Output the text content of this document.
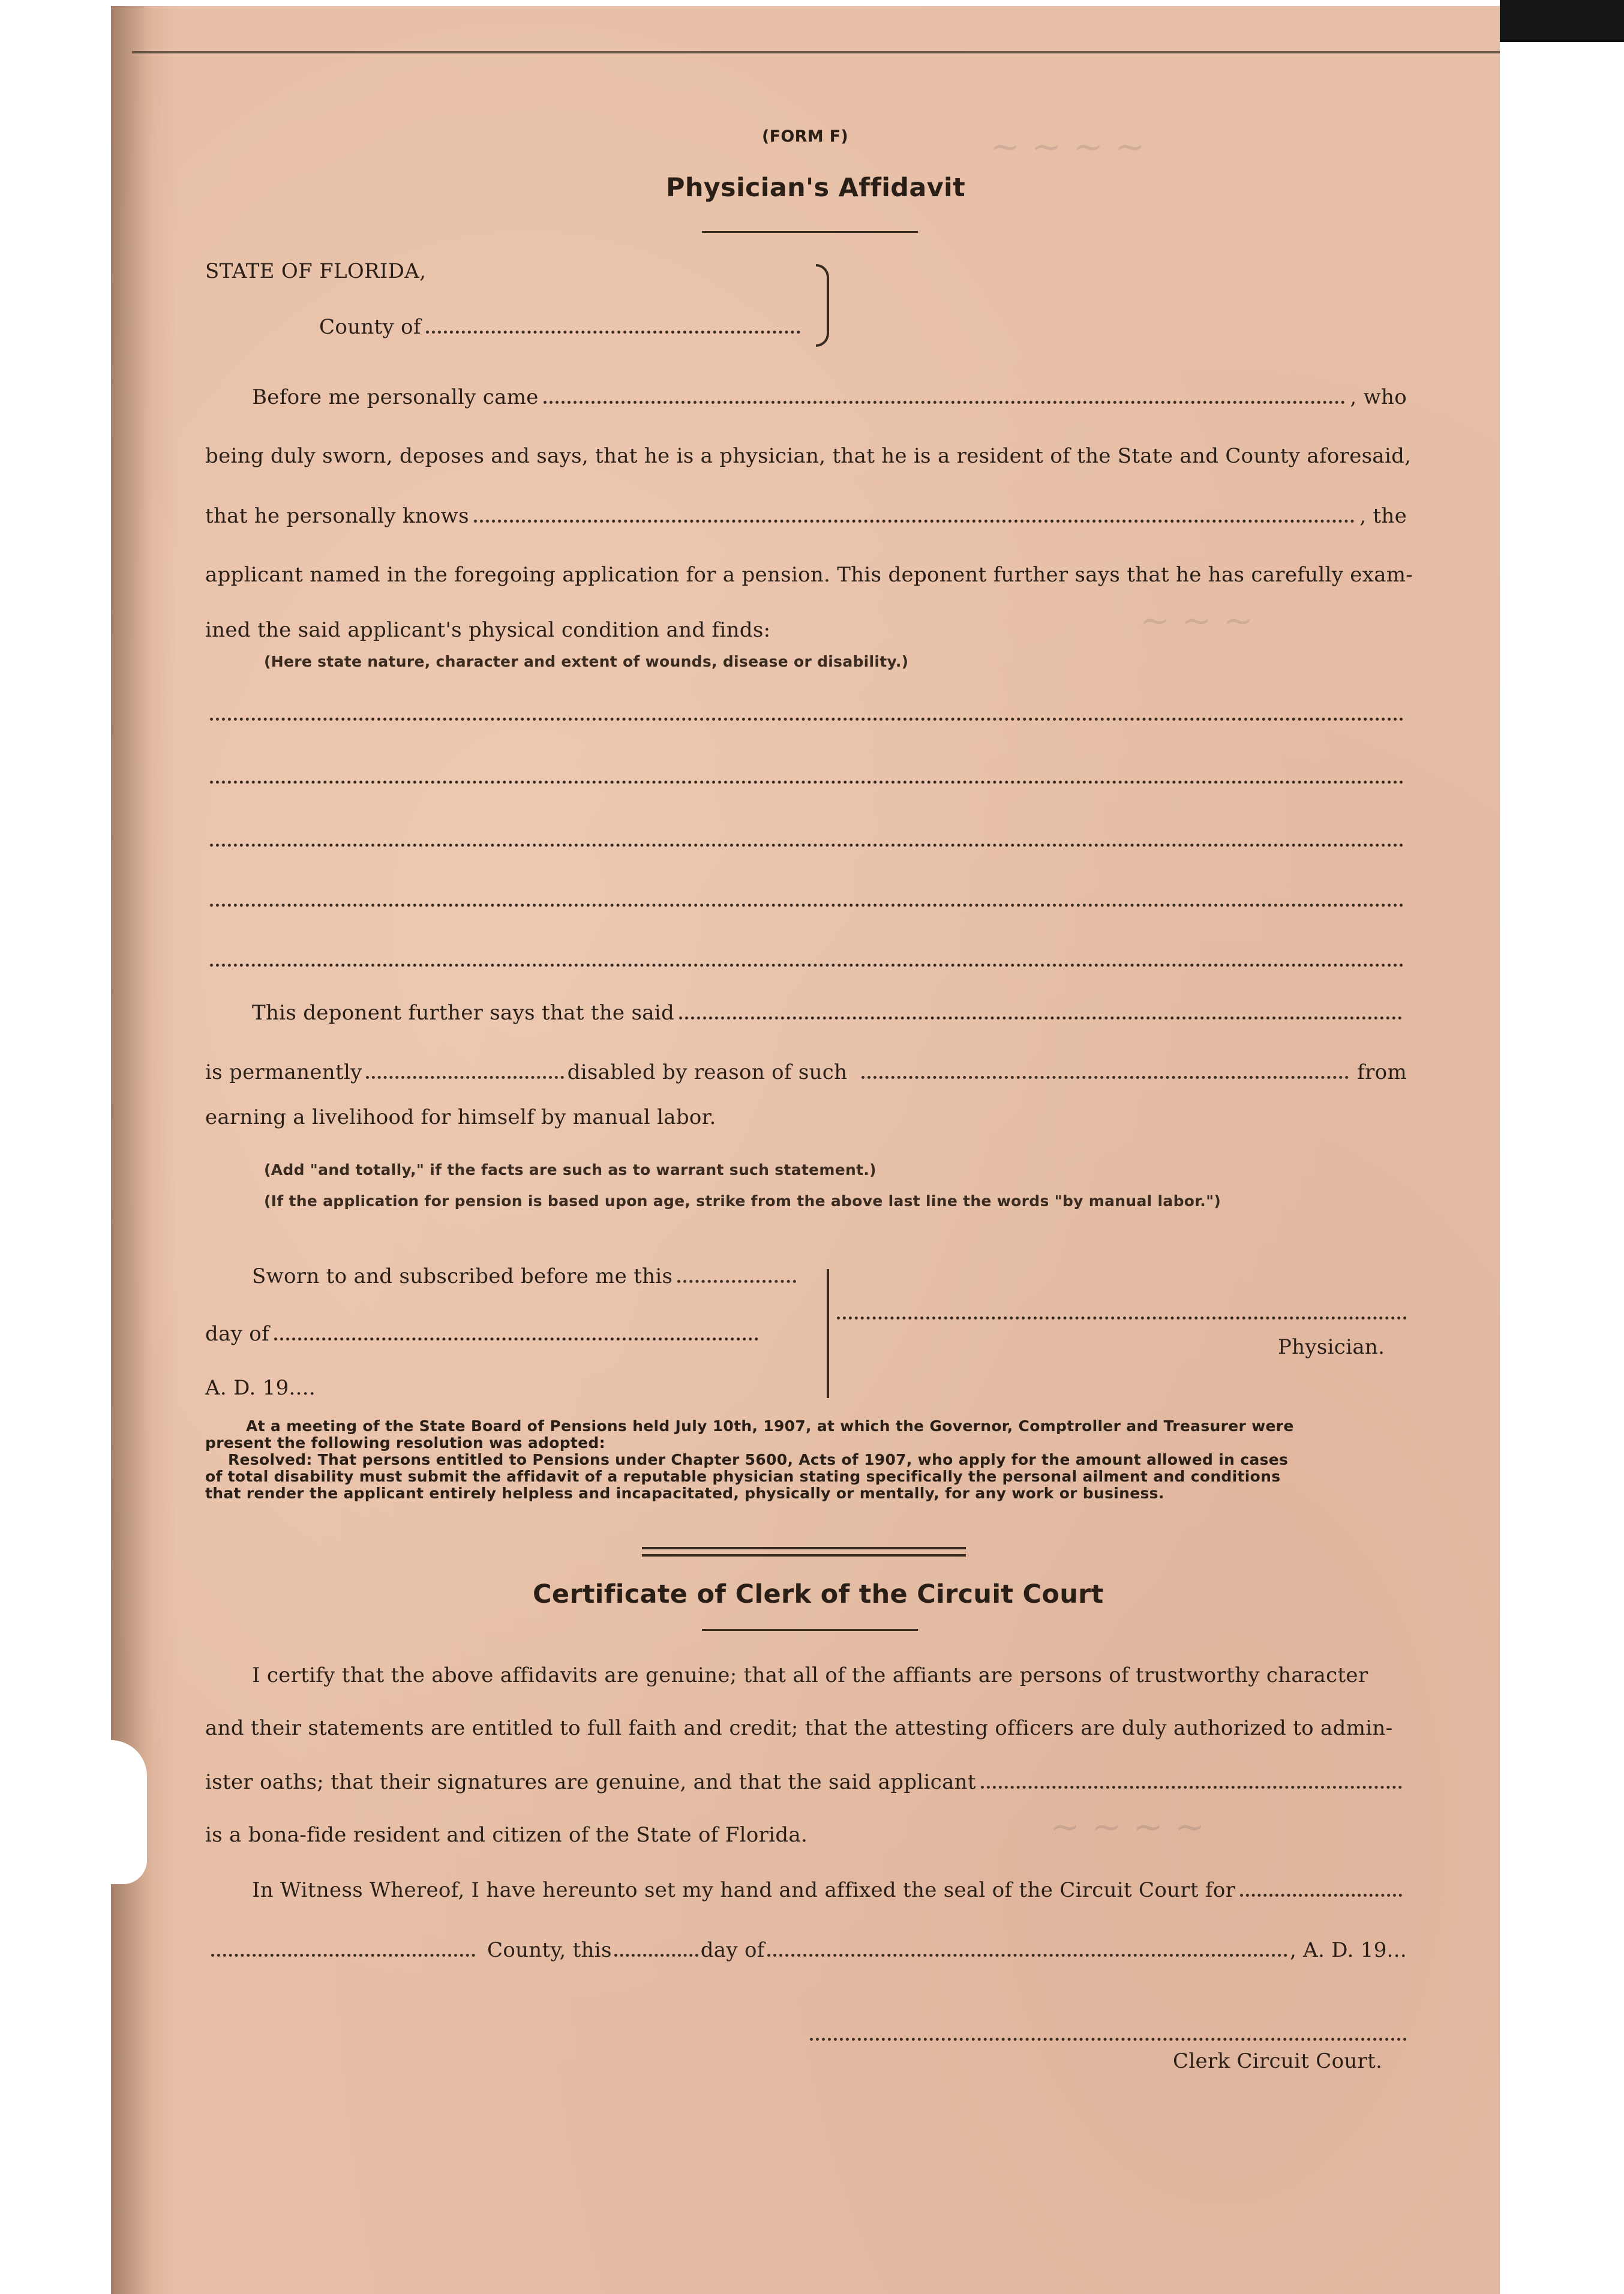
~ ~ ~ ~
~ ~ ~
~ ~ ~ ~
(FORM F)
Physician's Affidavit
STATE OF FLORIDA,
County of
Before me personally came	, who
being duly sworn, deposes and says, that he is a physician, that he is a resident of the State and County aforesaid,
that he personally knows	, the
applicant named in the foregoing application for a pension. This deponent further says that he has carefully exam-
ined the said applicant's physical condition and finds:
(Here state nature, character and extent of wounds, disease or disability.)
This deponent further says that the said
is permanently	disabled by reason of such	from
earning a livelihood for himself by manual labor.
(Add "and totally," if the facts are such as to warrant such statement.)
(If the application for pension is based upon age, strike from the above last line the words "by manual labor.")
Sworn to and subscribed before me this
day of
A. D. 19....
Physician.
At a meeting of the State Board of Pensions held July 10th, 1907, at which the Governor, Comptroller and Treasurer were
present the following resolution was adopted:
Resolved: That persons entitled to Pensions under Chapter 5600, Acts of 1907, who apply for the amount allowed in cases
of total disability must submit the affidavit of a reputable physician stating specifically the personal ailment and conditions
that render the applicant entirely helpless and incapacitated, physically or mentally, for any work or business.
Certificate of Clerk of the Circuit Court
I certify that the above affidavits are genuine; that all of the affiants are persons of trustworthy character
and their statements are entitled to full faith and credit; that the attesting officers are duly authorized to admin-
ister oaths; that their signatures are genuine, and that the said applicant
is a bona-fide resident and citizen of the State of Florida.
In Witness Whereof, I have hereunto set my hand and affixed the seal of the Circuit Court for
County, this	day of	, A. D. 19...
Clerk Circuit Court.
